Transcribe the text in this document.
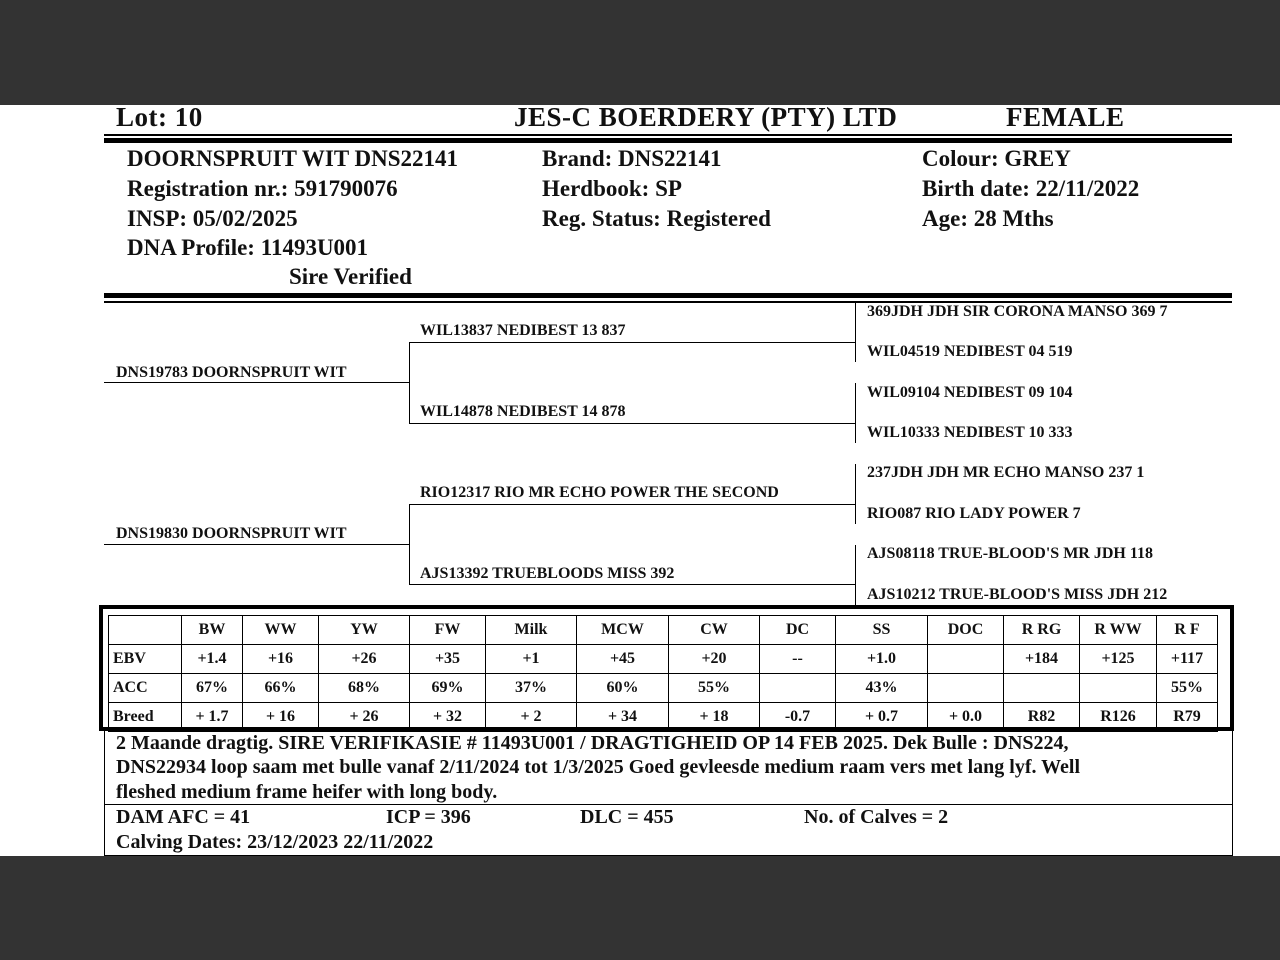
Lot: 10	JES-C BOERDERY (PTY) LTD	FEMALE
DOORNSPRUIT WIT DNS22141
Registration nr.: 591790076
INSP: 05/02/2025
DNA Profile: 11493U001
Sire Verified
Brand: DNS22141
Herdbook: SP
Reg. Status: Registered
Colour: GREY
Birth date: 22/11/2022
Age: 28 Mths
DNS19783 DOORNSPRUIT WIT
DNS19830 DOORNSPRUIT WIT
WIL13837 NEDIBEST 13 837
WIL14878 NEDIBEST 14 878
RIO12317 RIO MR ECHO POWER THE SECOND
AJS13392 TRUEBLOODS MISS 392
369JDH JDH SIR CORONA MANSO 369 7
WIL04519 NEDIBEST 04 519
WIL09104 NEDIBEST 09 104
WIL10333 NEDIBEST 10 333
237JDH JDH MR ECHO MANSO 237 1
RIO087 RIO LADY POWER 7
AJS08118 TRUE-BLOOD'S MR JDH 118
AJS10212 TRUE-BLOOD'S MISS JDH 212
	BW	WW	YW	FW	Milk	MCW	CW	DC	SS	DOC	R RG	R WW	R F
EBV	+1.4	+16	+26	+35	+1	+45	+20	--	+1.0		+184	+125	+117
ACC	67%	66%	68%	69%	37%	60%	55%		43%				55%
Breed	+ 1.7	+ 16	+ 26	+ 32	+ 2	+ 34	+ 18	-0.7	+ 0.7	+ 0.0	R82	R126	R79
2 Maande dragtig. SIRE VERIFIKASIE # 11493U001 / DRAGTIGHEID OP 14 FEB 2025. Dek Bulle : DNS224,
DNS22934 loop saam met bulle vanaf 2/11/2024 tot 1/3/2025 Goed gevleesde medium raam vers met lang lyf. Well
fleshed medium frame heifer with long body.
DAM AFC = 41	ICP = 396	DLC = 455	No. of Calves = 2
Calving Dates: 23/12/2023 22/11/2022
